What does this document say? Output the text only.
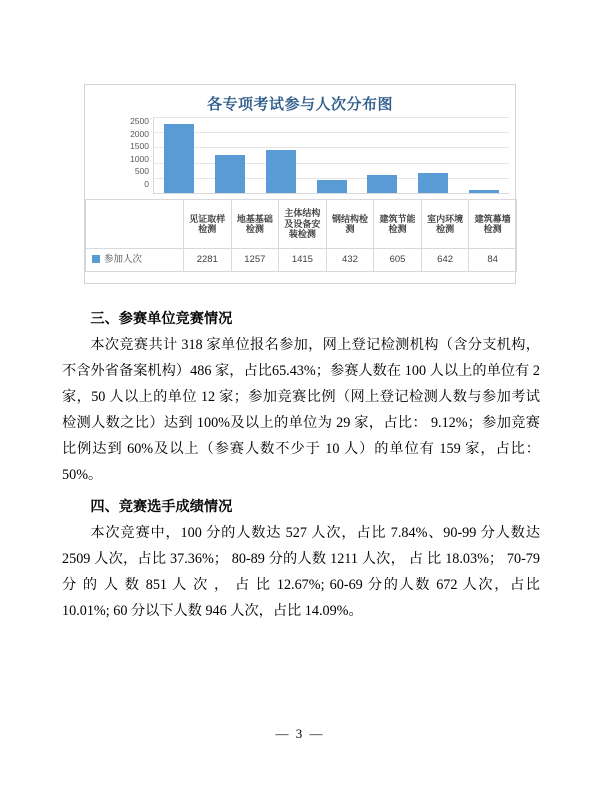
各专项考试参与人次分布图
2500
2000
1500
1000
500
0
	见证取样检测	地基基础检测	主体结构及设备安装检测	钢结构检测	建筑节能检测	室内环境检测	建筑幕墙检测
参加人次	2281	1257	1415	432	605	642	84
三、参赛单位竞赛情况
本次竞赛共计 318 家单位报名参加，网上登记检测机构（含分支机构，不含外省备案机构）486 家，占比65.43%；参赛人数在 100 人以上的单位有 2 家，50 人以上的单位 12 家；参加竞赛比例（网上登记检测人数与参加考试检测人数之比）达到 100%及以上的单位为 29 家，占比： 9.12%；参加竞赛比例达到 60%及以上（参赛人数不少于 10 人）的单位有 159 家，占比：50%。
四、竞赛选手成绩情况
本次竞赛中，100 分的人数达 527 人次，占比 7.84%、90-99 分人数达 2509 人次，占比 37.36%； 80-89 分的人数 1211 人次， 占 比 18.03%； 70-79 分 的 人 数 851 人 次 ， 占 比 12.67%; 60-69 分的人数 672 人次，占比 10.01%; 60 分以下人数 946 人次，占比 14.09%。
— 3 —
